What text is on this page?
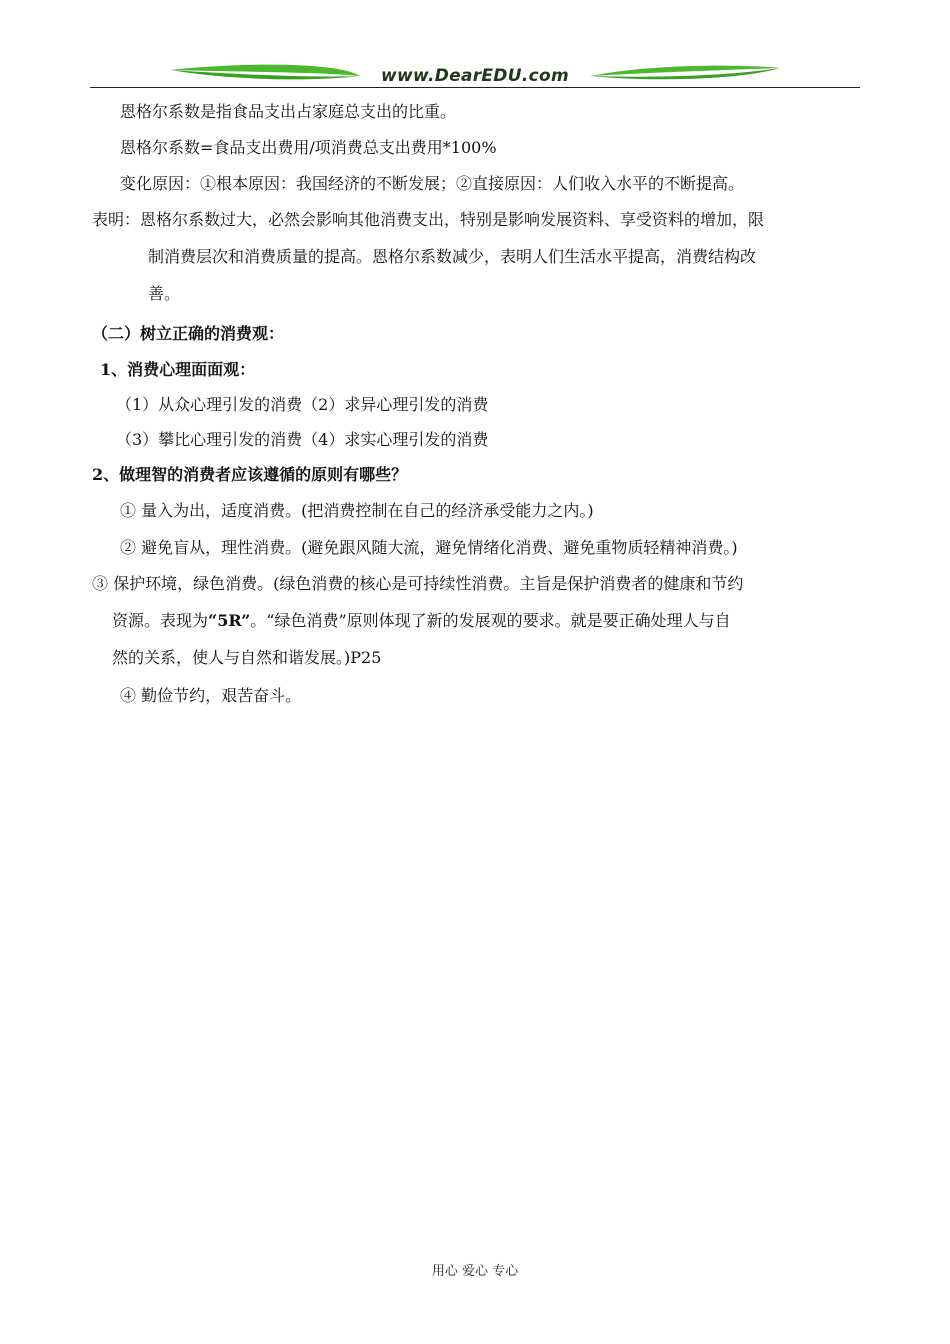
www.DearEDU.com
恩格尔系数是指食品支出占家庭总支出的比重。
恩格尔系数=食品支出费用/项消费总支出费用*100%
变化原因：①根本原因：我国经济的不断发展；②直接原因：人们收入水平的不断提高。
表明：恩格尔系数过大，必然会影响其他消费支出，特别是影响发展资料、享受资料的增加，限
制消费层次和消费质量的提高。恩格尔系数减少，表明人们生活水平提高，消费结构改
善。
（二）树立正确的消费观：
1、消费心理面面观：
（1）从众心理引发的消费（2）求异心理引发的消费
（3）攀比心理引发的消费（4）求实心理引发的消费
2、做理智的消费者应该遵循的原则有哪些？
① 量入为出，适度消费。(把消费控制在自己的经济承受能力之内。)
② 避免盲从，理性消费。(避免跟风随大流，避免情绪化消费、避免重物质轻精神消费。)
③ 保护环境，绿色消费。(绿色消费的核心是可持续性消费。主旨是保护消费者的健康和节约
资源。表现为“5R”。“绿色消费”原则体现了新的发展观的要求。就是要正确处理人与自
然的关系，使人与自然和谐发展。)P25
④ 勤俭节约，艰苦奋斗。
用心 爱心 专心
